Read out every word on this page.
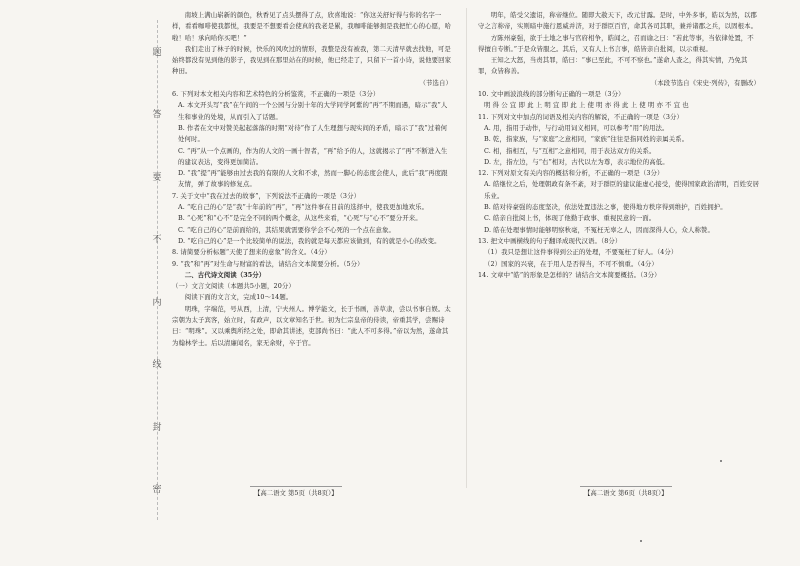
题
答
要
不
内
线
封
密

南坡上满山崭新的颜色，秋香见了点头摆得了点，欣喜地说：“你这关舒好得与你的名字一样，看看咖啡使我都悦，我要是不想要看会使真的我老是累，我咖啡能够拥是我把忙心的心愿，哈啦！哈！承向哈你买吧！”

我们走出了林子的时候，快乐的风吹过的情形，我整是没有被我，第二天清早就去找他，可是始终都没有见到他的影子，我见到在那里站在的时候，他已经走了，只留下一首小诗，说他要回家种田。

（节选自）

6. 下列对本文相关内容和艺术特色的分析鉴赏，不正确的一项是（3分）

A. 本文开头写“我”在午间的一个公园与分别十年的大学同学阿紫的“再”不期而遇，暗示“我”人生和事业的处境，从而引入了话题。

B. 作者在文中对赞美起起落落的时期“对待”作了人生理想与现实间的矛盾，暗示了“我”过着何处何时。

C. “再”从一个点画的，作为的人文的一画十智者，“再”给予的人，这就揭示了“再”不断进入生的建议表达，变得更加简洁。

D. “我”提“再”能够由过去我的有限的人文和不求，然而一脚心的态度会使人，此后“我”再度跟友情，弹了故事的修复点。

7. 关于文中“我在过去的故事”，下列说法不正确的一项是（3分）

A. “吃自己的心”是“我”十年前的“再”，“再”这件事在目前的选择中，使我更加地欢乐。

B. “心死”和“心不”是完全不同的两个概念，从这些来看，“心死”与“心不”要分开来。

C. “吃自己的心”是前面给的，其结果就需要你学会不心死的一个点在意象。

D. “吃自己的心”是一个比较简单的说法，我的就是每天都应该做到，有的就是小心的改变。

8. 请简要分析标题“天使了想来的意象”的含义。（4分）

9. “我”和“再”对生命与财富的看法，请结合文本简要分析。（5分）

二、古代诗文阅读（35分）

（一）文言文阅读（本题共5小题，20分）

阅读下面的文言文，完成10～14题。

明珠，字端范，号从西，上清，宁夫州人。博学能文，长于书画，善草隶，尝以书事自娱。太宗朝为太子宾客，始立时，有政声，以文章知名于世。初为仁宗皇帝的侍读，帝重其学，尝赐诗曰：“明珠”。又以乘舆所经之处，即命其讲述，吏部尚书曰：“此人不可多得。”帝以为然，遂命其为翰林学士。后以清廉闻名，家无余财，卒于官。

明年，皓受父遗诏，称帝继位。随即大赦天下，改元甘露。是时，中外多事，皓以为然，以郡守之言称帝，实则暗中施行恩威并济，对于群臣百官，命其各司其职，兼并诸郡之兵，以固根本。

方陈州豪强，欲于土地之事与官府相争，皓闻之，召而谕之曰：“若此等事，当依律处置，不得擅自专断。”于是众皆服之。其后，又有人上书言事，皓皆亲自批阅，以示重视。

王知之大怒，当责其罪，皓曰：“事已至此，不可不察也。”遂命人查之，得其实情，乃免其罪，众皆称善。

（本段节选自《宋史·列传》，有删改）

10. 文中画波浪线的部分断句正确的一项是（3分）

明 得 公 宜 即 此 上 明 宜 即 此 上 使 明 亦 得 此 上 使 明 亦 不 宜 也

11. 下列对文中加点的词语及相关内容的解说，不正确的一项是（3分）

A. 用，指用于动作，与行动用词义相同，可以参考“用”的用法。

B. 乾，指家族，与“家庭”之意相同，“家族”往往是指同姓的亲属关系。

C. 相，指相互，与“互相”之意相同，用于表达双方的关系。

D. 左，指左边，与“右”相对，古代以左为尊，表示地位的高低。

12. 下列对原文有关内容的概括和分析，不正确的一项是（3分）

A. 皓继位之后，处理朝政有条不紊，对于群臣的建议能虚心接受，使得国家政治清明，百姓安居乐业。

B. 皓对待豪强的态度坚决，依法处置违法之事，使得地方秩序得到维护，百姓拥护。

C. 皓亲自批阅上书，体现了他勤于政事、重视民意的一面。

D. 皓在处理事情时能够明察秋毫，不冤枉无辜之人，因而深得人心，众人称赞。

13. 把文中画横线的句子翻译成现代汉语。（8分）

（1）我只是想让这件事得到公正的处理，不要冤枉了好人。（4分）

（2）国家的兴衰，在于用人是否得当，不可不慎重。（4分）

14. 文章中“皓”的形象是怎样的？请结合文本简要概括。（3分）

【高二语文 第5页（共8页）】	【高二语文 第6页（共8页）】
